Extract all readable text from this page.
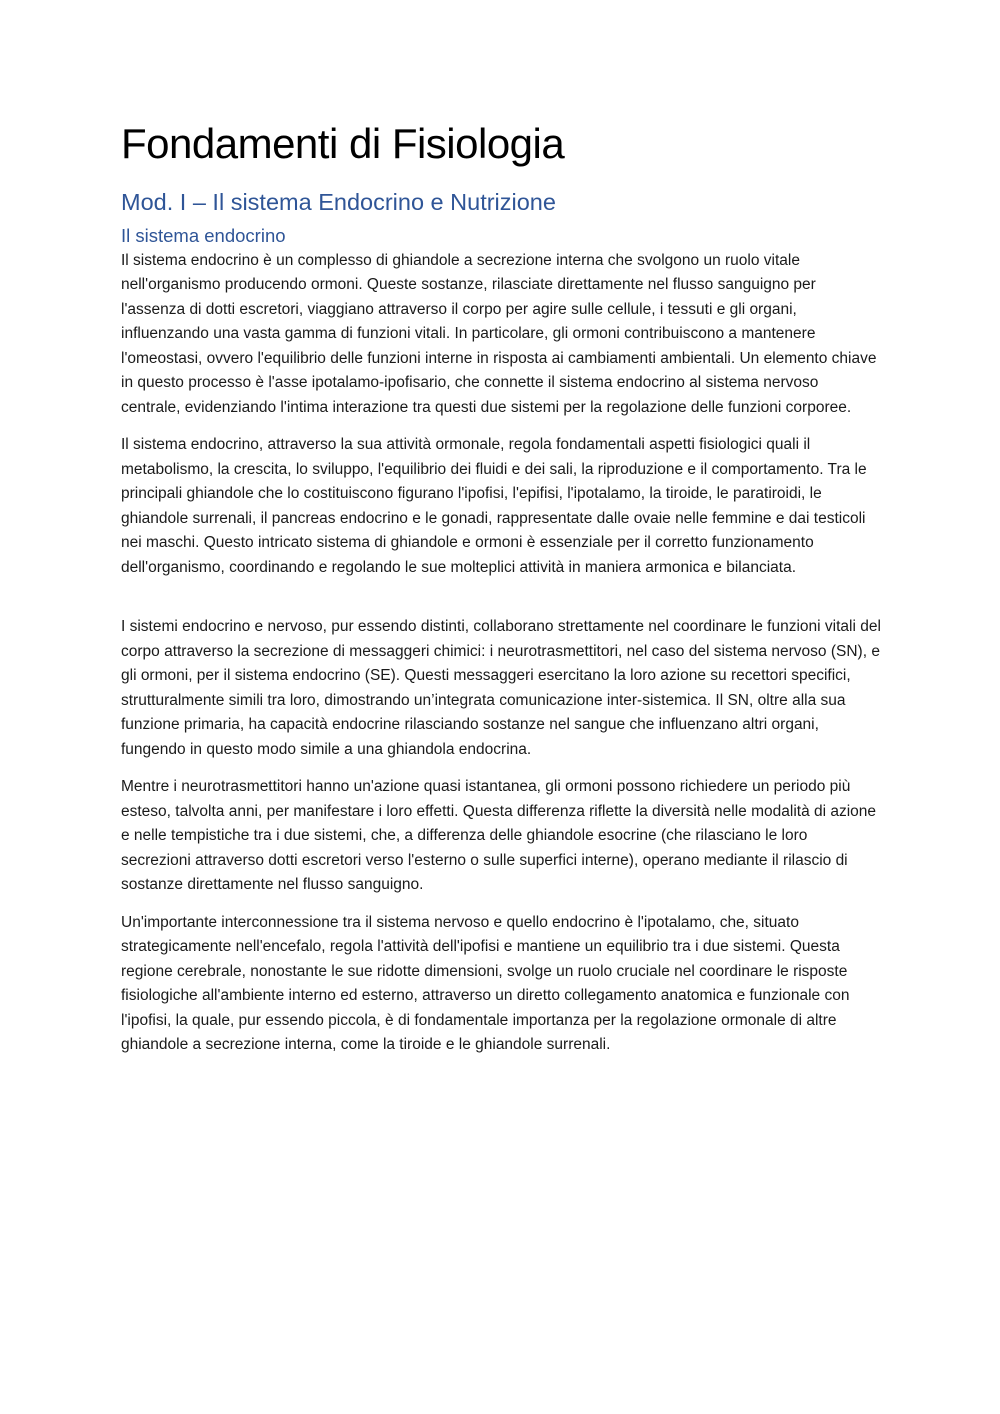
Fondamenti di Fisiologia
Mod. I – Il sistema Endocrino e Nutrizione
Il sistema endocrino

Il sistema endocrino è un complesso di ghiandole a secrezione interna che svolgono un ruolo vitale nell'organismo producendo ormoni. Queste sostanze, rilasciate direttamente nel flusso sanguigno per l'assenza di dotti escretori, viaggiano attraverso il corpo per agire sulle cellule, i tessuti e gli organi, influenzando una vasta gamma di funzioni vitali. In particolare, gli ormoni contribuiscono a mantenere l'omeostasi, ovvero l'equilibrio delle funzioni interne in risposta ai cambiamenti ambientali. Un elemento chiave in questo processo è l'asse ipotalamo-ipofisario, che connette il sistema endocrino al sistema nervoso centrale, evidenziando l'intima interazione tra questi due sistemi per la regolazione delle funzioni corporee.

Il sistema endocrino, attraverso la sua attività ormonale, regola fondamentali aspetti fisiologici quali il metabolismo, la crescita, lo sviluppo, l'equilibrio dei fluidi e dei sali, la riproduzione e il comportamento. Tra le principali ghiandole che lo costituiscono figurano l'ipofisi, l'epifisi, l'ipotalamo, la tiroide, le paratiroidi, le ghiandole surrenali, il pancreas endocrino e le gonadi, rappresentate dalle ovaie nelle femmine e dai testicoli nei maschi. Questo intricato sistema di ghiandole e ormoni è essenziale per il corretto funzionamento dell'organismo, coordinando e regolando le sue molteplici attività in maniera armonica e bilanciata.

I sistemi endocrino e nervoso, pur essendo distinti, collaborano strettamente nel coordinare le funzioni vitali del corpo attraverso la secrezione di messaggeri chimici: i neurotrasmettitori, nel caso del sistema nervoso (SN), e gli ormoni, per il sistema endocrino (SE). Questi messaggeri esercitano la loro azione su recettori specifici, strutturalmente simili tra loro, dimostrando un’integrata comunicazione inter-sistemica. Il SN, oltre alla sua funzione primaria, ha capacità endocrine rilasciando sostanze nel sangue che influenzano altri organi, fungendo in questo modo simile a una ghiandola endocrina.

Mentre i neurotrasmettitori hanno un'azione quasi istantanea, gli ormoni possono richiedere un periodo più esteso, talvolta anni, per manifestare i loro effetti. Questa differenza riflette la diversità nelle modalità di azione e nelle tempistiche tra i due sistemi, che, a differenza delle ghiandole esocrine (che rilasciano le loro secrezioni attraverso dotti escretori verso l'esterno o sulle superfici interne), operano mediante il rilascio di sostanze direttamente nel flusso sanguigno.

Un'importante interconnessione tra il sistema nervoso e quello endocrino è l'ipotalamo, che, situato strategicamente nell'encefalo, regola l'attività dell'ipofisi e mantiene un equilibrio tra i due sistemi. Questa regione cerebrale, nonostante le sue ridotte dimensioni, svolge un ruolo cruciale nel coordinare le risposte fisiologiche all'ambiente interno ed esterno, attraverso un diretto collegamento anatomica e funzionale con l'ipofisi, la quale, pur essendo piccola, è di fondamentale importanza per la regolazione ormonale di altre ghiandole a secrezione interna, come la tiroide e le ghiandole surrenali.
